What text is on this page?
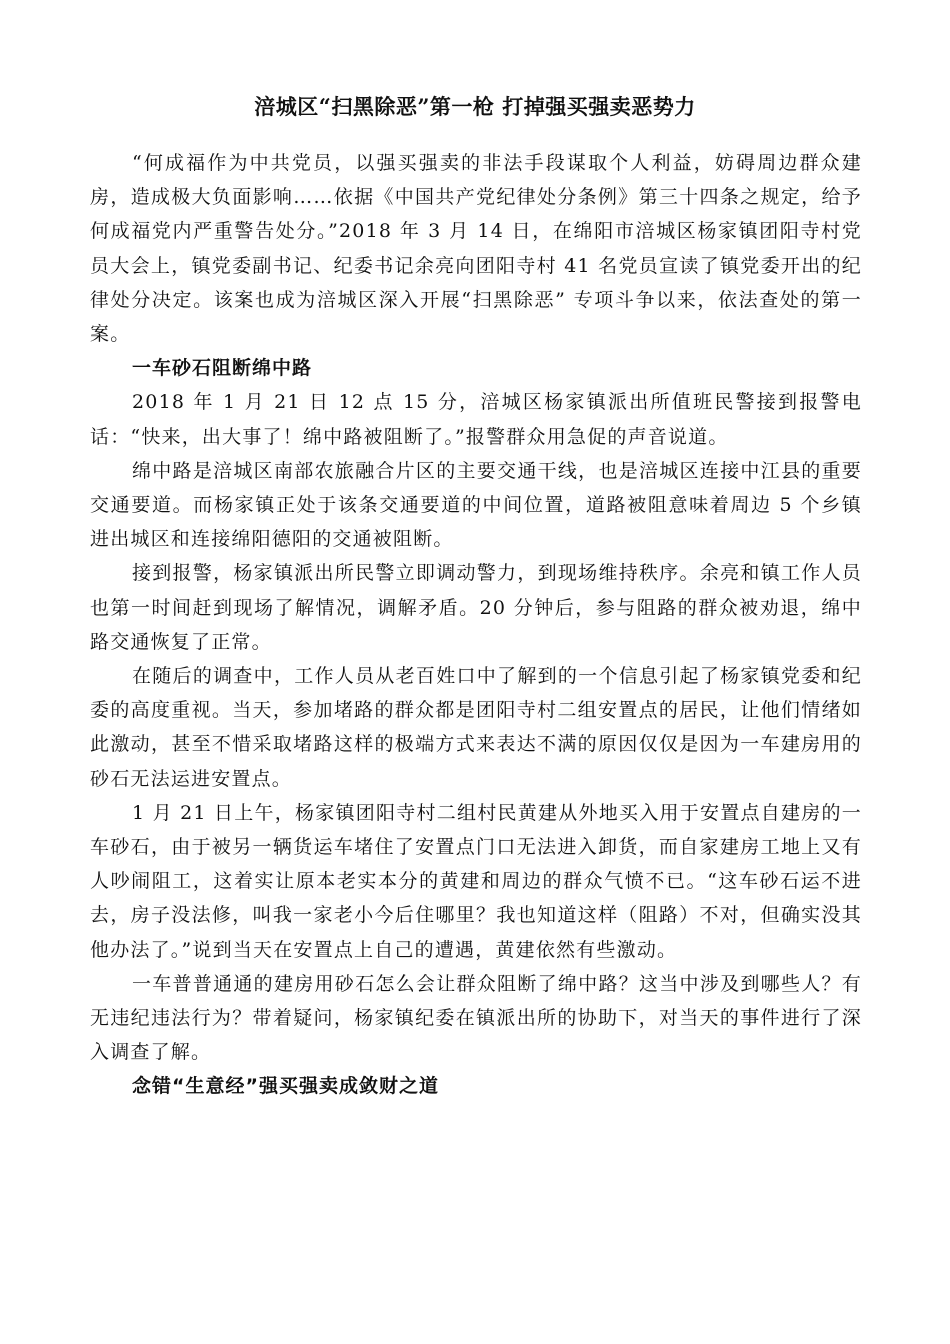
涪城区“扫黑除恶”第一枪 打掉强买强卖恶势力

“何成福作为中共党员，以强买强卖的非法手段谋取个人利益，妨碍周边群众建房，造成极大负面影响……依据《中国共产党纪律处分条例》第三十四条之规定，给予何成福党内严重警告处分。”2018 年 3 月 14 日，在绵阳市涪城区杨家镇团阳寺村党员大会上，镇党委副书记、纪委书记余亮向团阳寺村 41 名党员宣读了镇党委开出的纪律处分决定。该案也成为涪城区深入开展“扫黑除恶” 专项斗争以来，依法查处的第一案。

一车砂石阻断绵中路

2018 年 1 月 21 日 12 点 15 分，涪城区杨家镇派出所值班民警接到报警电话：“快来，出大事了！绵中路被阻断了。”报警群众用急促的声音说道。

绵中路是涪城区南部农旅融合片区的主要交通干线，也是涪城区连接中江县的重要交通要道。而杨家镇正处于该条交通要道的中间位置，道路被阻意味着周边 5 个乡镇进出城区和连接绵阳德阳的交通被阻断。

接到报警，杨家镇派出所民警立即调动警力，到现场维持秩序。余亮和镇工作人员也第一时间赶到现场了解情况，调解矛盾。20 分钟后，参与阻路的群众被劝退，绵中路交通恢复了正常。

在随后的调查中，工作人员从老百姓口中了解到的一个信息引起了杨家镇党委和纪委的高度重视。当天，参加堵路的群众都是团阳寺村二组安置点的居民，让他们情绪如此激动，甚至不惜采取堵路这样的极端方式来表达不满的原因仅仅是因为一车建房用的砂石无法运进安置点。

1 月 21 日上午，杨家镇团阳寺村二组村民黄建从外地买入用于安置点自建房的一车砂石，由于被另一辆货运车堵住了安置点门口无法进入卸货，而自家建房工地上又有人吵闹阻工，这着实让原本老实本分的黄建和周边的群众气愤不已。“这车砂石运不进去，房子没法修，叫我一家老小今后住哪里？我也知道这样（阻路）不对，但确实没其他办法了。”说到当天在安置点上自己的遭遇，黄建依然有些激动。

一车普普通通的建房用砂石怎么会让群众阻断了绵中路？这当中涉及到哪些人？有无违纪违法行为？带着疑问，杨家镇纪委在镇派出所的协助下，对当天的事件进行了深入调查了解。

念错“生意经”强买强卖成敛财之道
